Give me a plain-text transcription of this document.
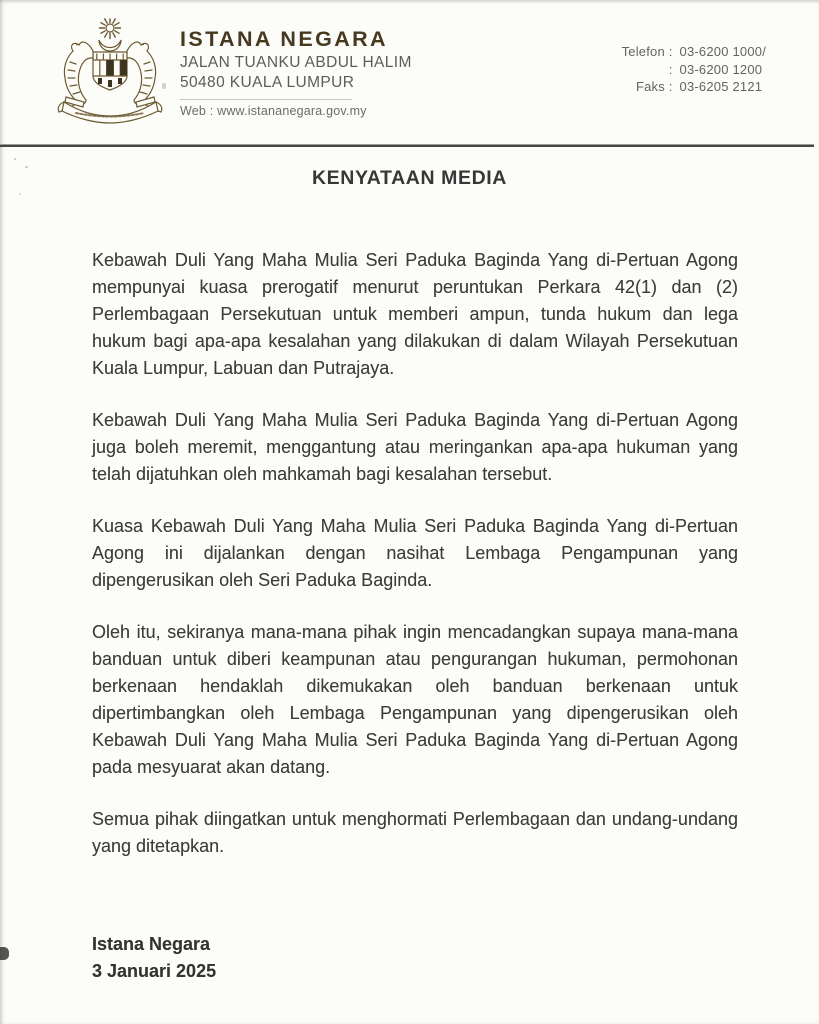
ISTANA NEGARA
JALAN TUANKU ABDUL HALIM
50480 KUALA LUMPUR
Web : www.istananegara.gov.my
Telefon : 03-6200 1000/
: 03-6200 1200
Faks : 03-6205 2121
KENYATAAN MEDIA

Kebawah Duli Yang Maha Mulia Seri Paduka Baginda Yang di-Pertuan Agong mempunyai kuasa prerogatif menurut peruntukan Perkara 42(1) dan (2) Perlembagaan Persekutuan untuk memberi ampun, tunda hukum dan lega hukum bagi apa-apa kesalahan yang dilakukan di dalam Wilayah Persekutuan Kuala Lumpur, Labuan dan Putrajaya.

Kebawah Duli Yang Maha Mulia Seri Paduka Baginda Yang di-Pertuan Agong juga boleh meremit, menggantung atau meringankan apa-apa hukuman yang telah dijatuhkan oleh mahkamah bagi kesalahan tersebut.

Kuasa Kebawah Duli Yang Maha Mulia Seri Paduka Baginda Yang di-Pertuan Agong ini dijalankan dengan nasihat Lembaga Pengampunan yang dipengerusikan oleh Seri Paduka Baginda.

Oleh itu, sekiranya mana-mana pihak ingin mencadangkan supaya mana-mana banduan untuk diberi keampunan atau pengurangan hukuman, permohonan berkenaan hendaklah dikemukakan oleh banduan berkenaan untuk dipertimbangkan oleh Lembaga Pengampunan yang dipengerusikan oleh Kebawah Duli Yang Maha Mulia Seri Paduka Baginda Yang di-Pertuan Agong pada mesyuarat akan datang.

Semua pihak diingatkan untuk menghormati Perlembagaan dan undang-undang yang ditetapkan.

Istana Negara
3 Januari 2025
